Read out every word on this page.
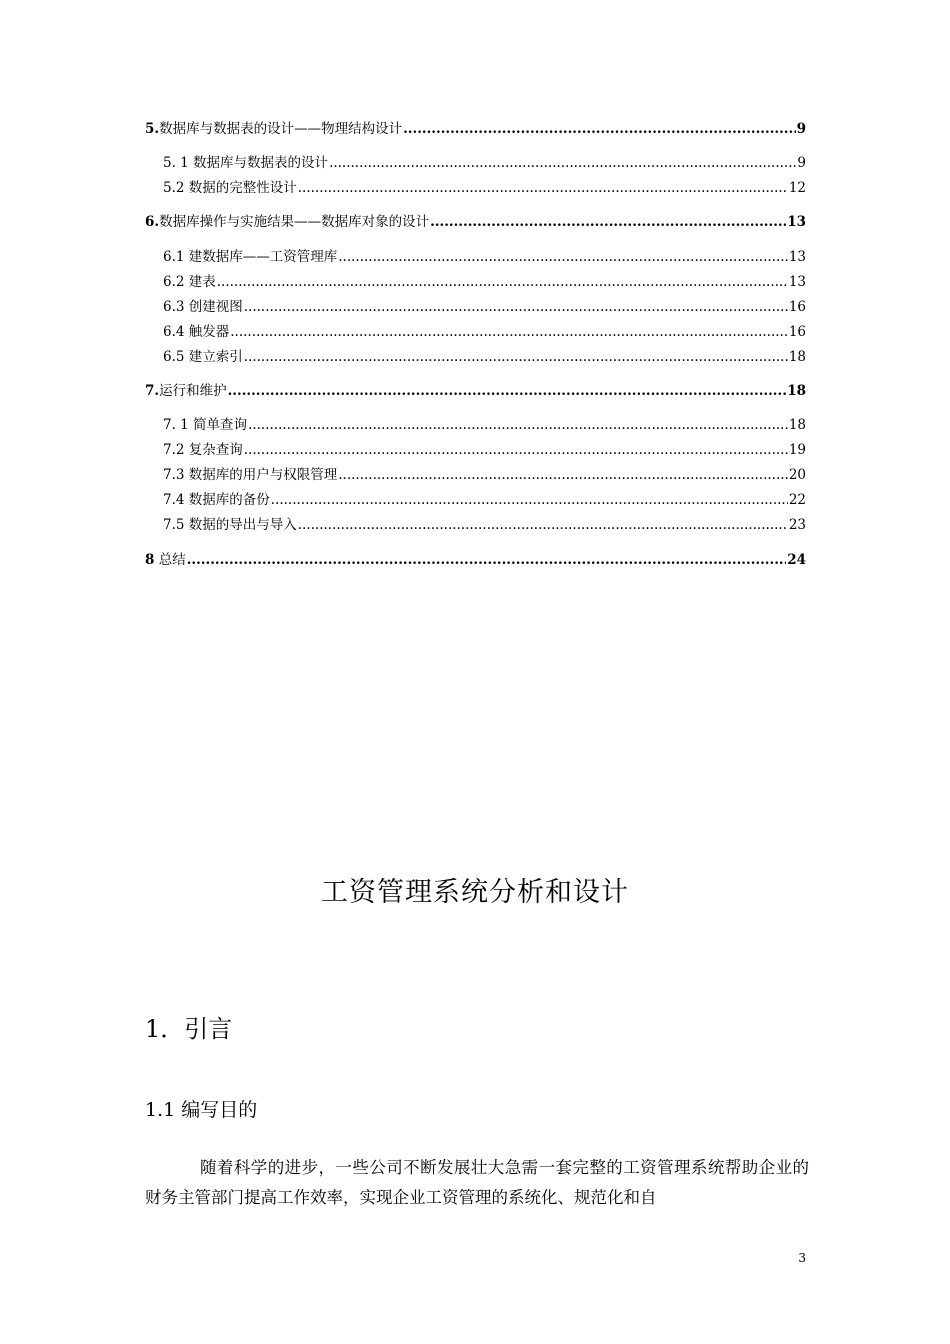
5.数据库与数据表的设计——物理结构设计 .....	9
5. 1 数据库与数据表的设计 .....	9
5.2 数据的完整性设计 .....	12
6.数据库操作与实施结果——数据库对象的设计 .....	13
6.1 建数据库——工资管理库 .....	13
6.2 建表 .....	13
6.3 创建视图 .....	16
6.4 触发器 .....	16
6.5 建立索引 .....	18
7.运行和维护 .....	18
7. 1 简单查询 .....	18
7.2 复杂查询 .....	19
7.3 数据库的用户与权限管理 .....	20
7.4 数据库的备份 .....	22
7.5 数据的导出与导入 .....	23
8 总结 .....	24
工资管理系统分析和设计
1．引言
1.1 编写目的
随着科学的进步，一些公司不断发展壮大急需一套完整的工资管理系统帮助企业的财务主管部门提高工作效率，实现企业工资管理的系统化、规范化和自
3
